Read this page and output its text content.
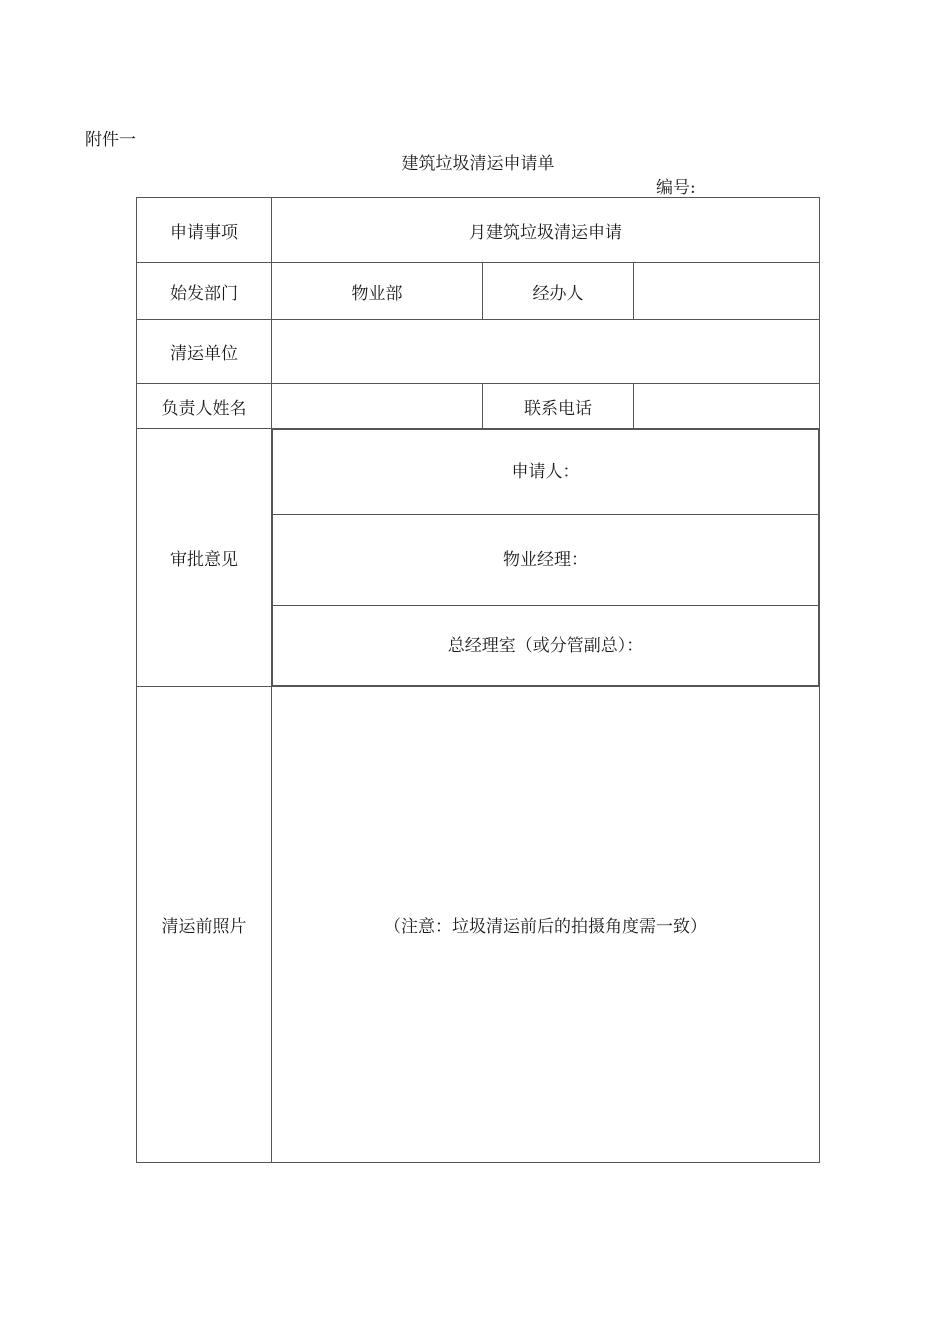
附件一
建筑垃圾清运申请单
编号:
申请事项	月建筑垃圾清运申请
始发部门	物业部	经办人	
清运单位	
负责人姓名		联系电话	
审批意见	
申请人：
物业经理：
总经理室（或分管副总）：

清运前照片	（注意：垃圾清运前后的拍摄角度需一致）
